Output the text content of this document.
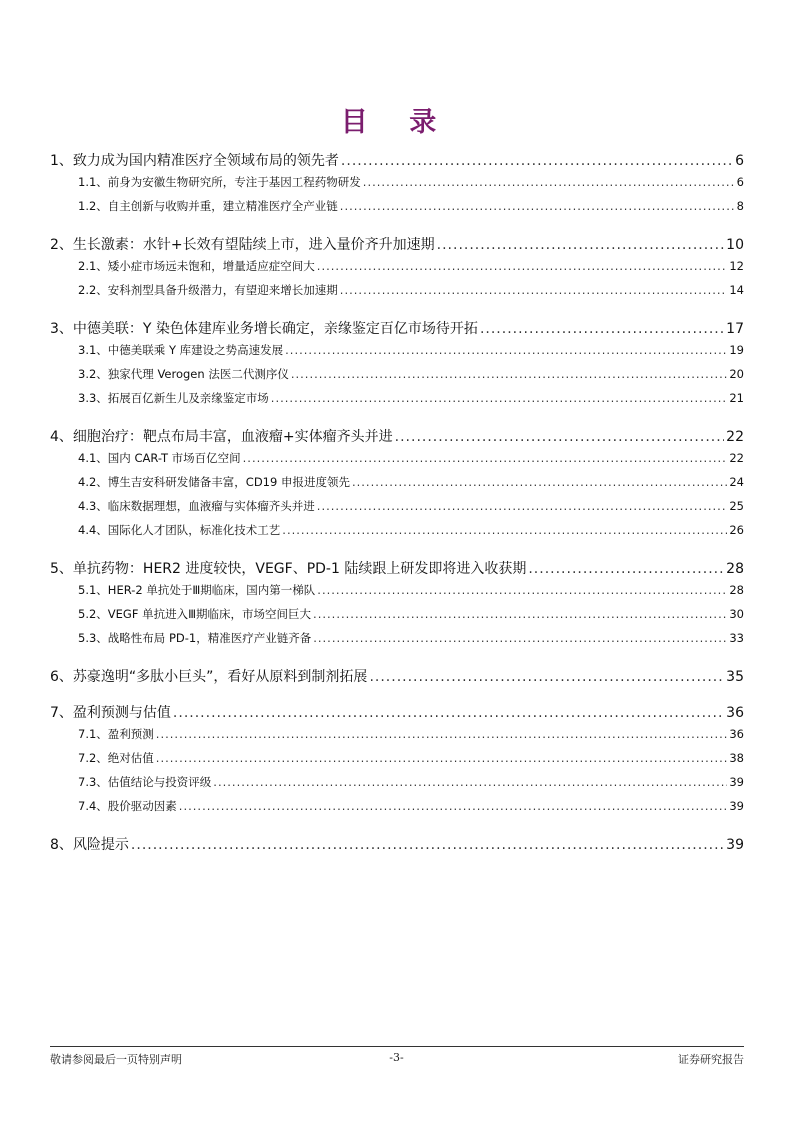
目 录
1、 致力成为国内精准医疗全领域布局的领先者 .....	6
1.1、 前身为安徽生物研究所，专注于基因工程药物研发 .....	6
1.2、 自主创新与收购并重，建立精准医疗全产业链 .....	8
2、 生长激素：水针+长效有望陆续上市，进入量价齐升加速期 .....	10
2.1、 矮小症市场远未饱和，增量适应症空间大 .....	12
2.2、 安科剂型具备升级潜力，有望迎来增长加速期 .....	14
3、 中德美联：Y 染色体建库业务增长确定，亲缘鉴定百亿市场待开拓 .....	17
3.1、 中德美联乘 Y 库建设之势高速发展 .....	19
3.2、 独家代理 Verogen 法医二代测序仪 .....	20
3.3、 拓展百亿新生儿及亲缘鉴定市场 .....	21
4、 细胞治疗：靶点布局丰富，血液瘤+实体瘤齐头并进 .....	22
4.1、 国内 CAR-T 市场百亿空间 .....	22
4.2、 博生吉安科研发储备丰富，CD19 申报进度领先 .....	24
4.3、 临床数据理想，血液瘤与实体瘤齐头并进 .....	25
4.4、 国际化人才团队，标准化技术工艺 .....	26
5、 单抗药物：HER2 进度较快，VEGF、PD-1 陆续跟上研发即将进入收获期 .....	28
5.1、 HER-2 单抗处于Ⅲ期临床，国内第一梯队 .....	28
5.2、 VEGF 单抗进入Ⅲ期临床，市场空间巨大 .....	30
5.3、 战略性布局 PD-1，精准医疗产业链齐备 .....	33
6、 苏豪逸明“多肽小巨头”，看好从原料到制剂拓展 .....	35
7、 盈利预测与估值 .....	36
7.1、 盈利预测 .....	36
7.2、 绝对估值 .....	38
7.3、 估值结论与投资评级 .....	39
7.4、 股价驱动因素 .....	39
8、 风险提示 .....	39
敬请参阅最后一页特别声明	-3-	证券研究报告
